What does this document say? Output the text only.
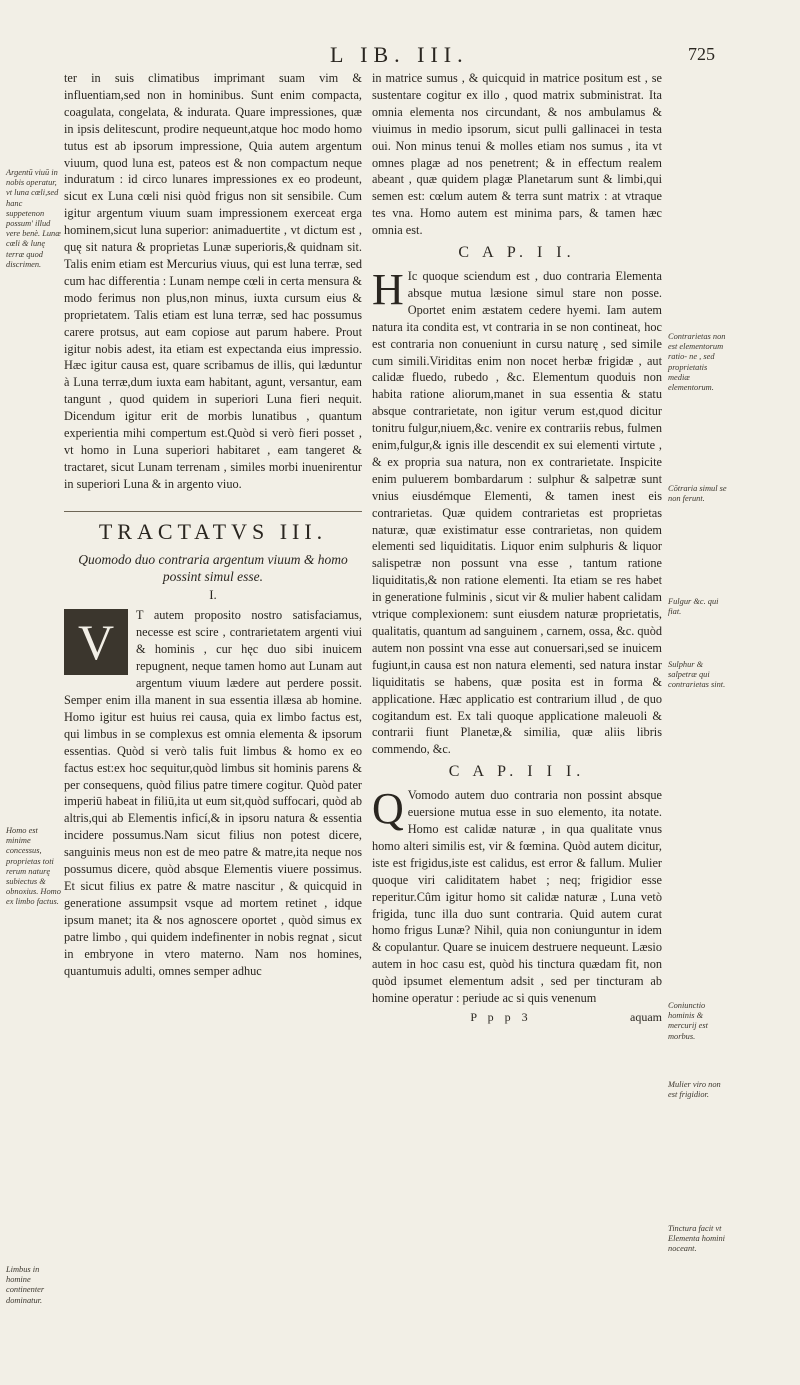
L IB. III.	725

ter in suis climatibus imprimant suam vim & influentiam,sed non in hominibus. Sunt enim compacta, coagulata, congelata, & indurata. Quare impressiones, quæ in ipsis delitescunt, prodire nequeunt,atque hoc modo homo tutus est ab ipsorum impressione, Quia autem argentum viuum, quod luna est, pateos est & non compactum neque induratum : id circo lunares impressiones ex eo prodeunt, sicut ex Luna cœli nisi quòd frigus non sit sensibile. Cum igitur argentum viuum suam impressionem exerceat erga hominem,sicut luna superior: animaduertite , vt dictum est , quę sit natura & proprietas Lunæ superioris,& quidnam sit. Talis enim etiam est Mercurius viuus, qui est luna terræ, sed cum hac differentia : Lunam nempe cœli in certa mensura & modo ferimus non plus,non minus, iuxta cursum eius & proprietatem. Talis etiam est luna terræ, sed hac possumus carere protsus, aut eam copiose aut parum habere. Prout igitur nobis adest, ita etiam est expectanda eius impressio. Hæc igitur causa est, quare scribamus de illis, qui læduntur à Luna terræ,dum iuxta eam habitant, agunt, versantur, eam tangunt , quod quidem in superiori Luna fieri nequit. Dicendum igitur erit de morbis lunatibus , quantum experientia mihi compertum est.Quòd si verò fieri posset , vt homo in Luna superiori habitaret , eam tangeret & tractaret, sicut Lunam terrenam , similes morbi inuenirentur in superiori Luna & in argento viuo.

TRACTATVS III.

Quomodo duo contraria argentum viuum & homo possint simul esse.

I.
V	T autem proposito nostro satisfaciamus, necesse est scire , contrarietatem argenti viui & hominis , cur hęc duo sibi inuicem repugnent, neque tamen homo aut Lunam aut argentum viuum lædere aut perdere possit. Semper enim illa manent in sua essentia illæsa ab homine. Homo igitur est huius rei causa, quia ex limbo factus est, qui limbus in se complexus est omnia elementa & ipsorum essentias. Quòd si verò talis fuit limbus & homo ex eo factus est:ex hoc sequitur,quòd limbus sit hominis parens & per consequens, quòd filius patre timere cogitur. Quòd pater imperiū habeat in filiū,ita ut eum sit,quòd suffocari, quòd ab altris,qui ab Elementis inficí,& in ipsoru natura & essentia incidere possumus.Nam sicut filius non potest dicere, sanguinis meus non est de meo patre & matre,ita neque nos possumus dicere, quòd absque Elementis viuere possimus. Et sicut filius ex patre & matre nascitur , & quicquid in generatione assumpsit vsque ad mortem retinet , idque ipsum manet; ita & nos agnoscere oportet , quòd simus ex patre limbo , qui quidem indefinenter in nobis regnat , sicut in embryone in vtero materno. Nam nos homines, quantumuis adulti, omnes semper adhuc

in matrice sumus , & quicquid in matrice positum est , se sustentare cogitur ex illo , quod matrix subministrat. Ita omnia elementa nos circundant, & nos ambulamus & viuimus in medio ipsorum, sicut pulli gallinacei in testa oui. Non minus tenui & molles etiam nos sumus , ita vt omnes plagæ ad nos penetrent; & in effectum realem abeant , quæ quidem plagæ Planetarum sunt & limbi,qui semen est: cœlum autem & terra sunt matrix : at vtraque tes vna. Homo autem est minima pars, & tamen hæc omnia est.

C A P. I I.
H Ic quoque sciendum est , duo contraria Elementa absque mutua læsione simul stare non posse. Oportet enim æstatem cedere hyemi. Iam autem natura ita condita est, vt contraria in se non contineat, hoc est contraria non conueniunt in cursu naturę , sed simile cum simili.Viriditas enim non nocet herbæ frigidæ , aut calidæ fluedo, rubedo , &c. Elementum quoduis non habita ratione aliorum,manet in sua essentia & statu absque contrarietate, non igitur verum est,quod dicitur tonitru fulgur,niuem,&c. venire ex contrariis rebus, fulmen enim,fulgur,& ignis ille descendit ex sui elementi virtute , & ex propria sua natura, non ex contrarietate. Inspicite enim puluerem bombardarum : sulphur & salpetræ sunt vnius eiusdémque Elementi, & tamen inest eis contrarietas. Quæ quidem contrarietas est proprietas naturæ, quæ existimatur esse contrarietas, non quidem elementi sed liquiditatis. Liquor enim sulphuris & liquor salispetræ non possunt vna esse , tantum ratione liquiditatis,& non ratione elementi. Ita etiam se res habet in generatione fulminis , sicut vir & mulier habent calidam vtrique complexionem: sunt eiusdem naturæ proprietatis, qualitatis, quantum ad sanguinem , carnem, ossa, &c. quòd autem non possint vna esse aut conuersari,sed se inuicem fugiunt,in causa est non natura elementi, sed natura instar liquiditatis se habens, quæ posita est in forma & applicatione. Hæc applicatio est contrarium illud , de quo cogitandum est. Ex tali quoque applicatione maleuoli & contrarii fiunt Planetæ,& similia, quæ aliis libris commendo, &c.

C A P. I I I.
Q Vomodo autem duo contraria non possint absque euersione mutua esse in suo elemento, ita notate. Homo est calidæ naturæ , in qua qualitate vnus homo alteri similis est, vir & fœmina. Quòd autem dicitur, iste est frigidus,iste est calidus, est error & fallum. Mulier quoque viri caliditatem habet ; neq; frigidior esse reperitur.Cûm igitur homo sit calidæ naturæ , Luna vetò frigida, tunc illa duo sunt contraria. Quid autem curat homo frigus Lunæ? Nihil, quia non coniunguntur in idem & copulantur. Quare se inuicem destruere nequeunt. Læsio autem in hoc casu est, quòd his tinctura quædam fit, non quòd ipsumet elementum adsit , sed per tincturam ab homine operatur : periude ac si quis venenum

P p p 3	aquam
Argentū viuū in nobis operatur, vt luna cœli,sed hanc suppetenon possum' illud vere benè. Lunæ cœli & lunę terræ quod discrimen.
Homo est minime concessus, proprietas toti rerum naturę subiectus & obnoxius. Homo ex limbo factus.
Limbus in homine continenter dominatur.
Contrarietas non est elementorum ratio- ne , sed proprietatis mediæ elementorum.
Cōtraria simul se non ferunt.
Fulgur &c. qui fiat.
Sulphur & salpetræ qui contrarietas sint.
Coniunctio hominis & mercurij est morbus.
Mulier viro non est frigidior.
Tinctura facit vt Elementa homini noceant.
